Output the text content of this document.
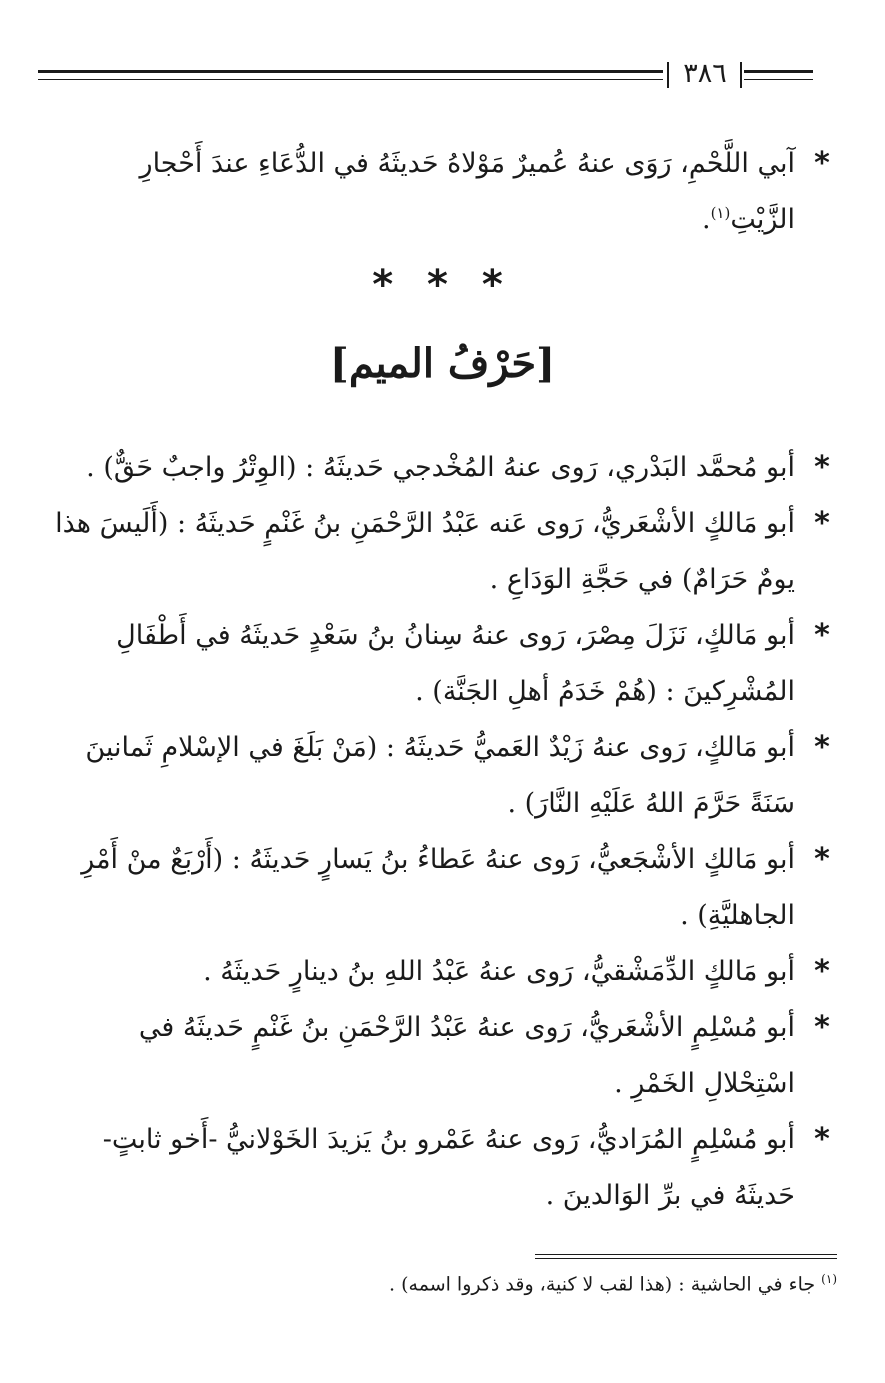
٣٨٦

*
آبي اللَّحْمِ، رَوَى عنهُ عُميرٌ مَوْلاهُ حَديثَهُ في الدُّعَاءِ عندَ أَحْجارِ الزَّيْتِ$^{(١)}$.

* * *
[حَرْفُ الميم]

*
أبو مُحمَّد البَدْري، رَوى عنهُ المُخْدجي حَديثَهُ : (الوِتْرُ واجبٌ حَقٌّ) .

*
أبو مَالكٍ الأشْعَريُّ، رَوى عَنه عَبْدُ الرَّحْمَنِ بنُ غَنْمٍ حَديثَهُ : (أَلَيسَ هذا يومٌ حَرَامٌ) في حَجَّةِ الوَدَاعِ .

*
أبو مَالكٍ، نَزَلَ مِصْرَ، رَوى عنهُ سِنانُ بنُ سَعْدٍ حَديثَهُ في أَطْفَالِ المُشْرِكينَ : (هُمْ خَدَمُ أهلِ الجَنَّة) .

*
أبو مَالكٍ، رَوى عنهُ زَيْدٌ العَميُّ حَديثَهُ : (مَنْ بَلَغَ في الإسْلامِ ثَمانينَ سَنَةً حَرَّمَ اللهُ عَلَيْهِ النَّارَ) .

*
أبو مَالكٍ الأشْجَعيُّ، رَوى عنهُ عَطاءُ بنُ يَسارٍ حَديثَهُ : (أَرْبَعٌ منْ أَمْرِ الجاهليَّةِ) .

*
أبو مَالكٍ الدِّمَشْقيُّ، رَوى عنهُ عَبْدُ اللهِ بنُ دينارٍ حَديثَهُ .

*
أبو مُسْلِمٍ الأشْعَريُّ، رَوى عنهُ عَبْدُ الرَّحْمَنِ بنُ غَنْمٍ حَديثَهُ في اسْتِحْلالِ الخَمْرِ .

*
أبو مُسْلِمٍ المُرَاديُّ، رَوى عنهُ عَمْرو بنُ يَزيدَ الخَوْلانيُّ -أَخو ثابتٍ- حَديثَهُ في برِّ الوَالدينَ .

$^{(١)}$ جاء في الحاشية : (هذا لقب لا كنية، وقد ذكروا اسمه) .
